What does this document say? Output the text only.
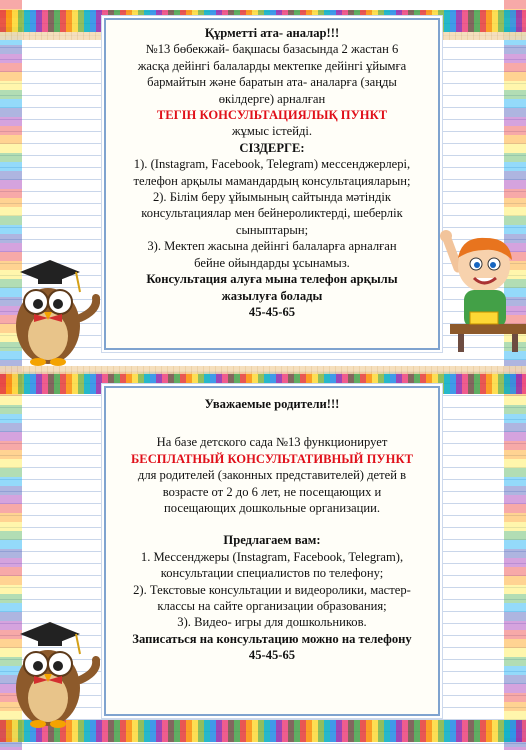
Құрметті ата- аналар!!!

№13 бөбекжай- бақшасы базасында 2 жастан 6

жасқа дейінгі балаларды мектепке дейінгі ұйымға

бармайтын және баратын ата- аналарға (заңды

өкілдерге) арналған

ТЕГІН КОНСУЛЬТАЦИЯЛЫҚ ПУНКТ

жұмыс істейді.

СІЗДЕРГЕ:

1). (Instagram, Facebook, Telegram) мессенджерлері,

телефон арқылы мамандардың консультацияларын;

2). Білім беру ұйымының сайтында мәтіндік

консультациялар мен бейнероликтерді, шеберлік

сыныптарын;

3). Мектеп жасына дейінгі балаларға арналған

бейне ойындарды ұсынамыз.

Консультация алуға мына телефон арқылы

жазылуға болады

45-45-65

Уважаемые родители!!!

На базе детского сада №13 функционирует

БЕСПЛАТНЫЙ КОНСУЛЬТАТИВНЫЙ ПУНКТ

для родителей (законных представителей) детей в

возрасте от 2 до 6 лет, не посещающих и

посещающих дошкольные организации.

Предлагаем вам:

1. Мессенджеры (Instagram, Facebook, Telegram),

консультации специалистов по телефону;

2). Текстовые консультации и видеоролики, мастер-

классы на сайте организации образования;

3). Видео- игры для дошкольников.

Записаться на консультацию можно на телефону

45-45-65
